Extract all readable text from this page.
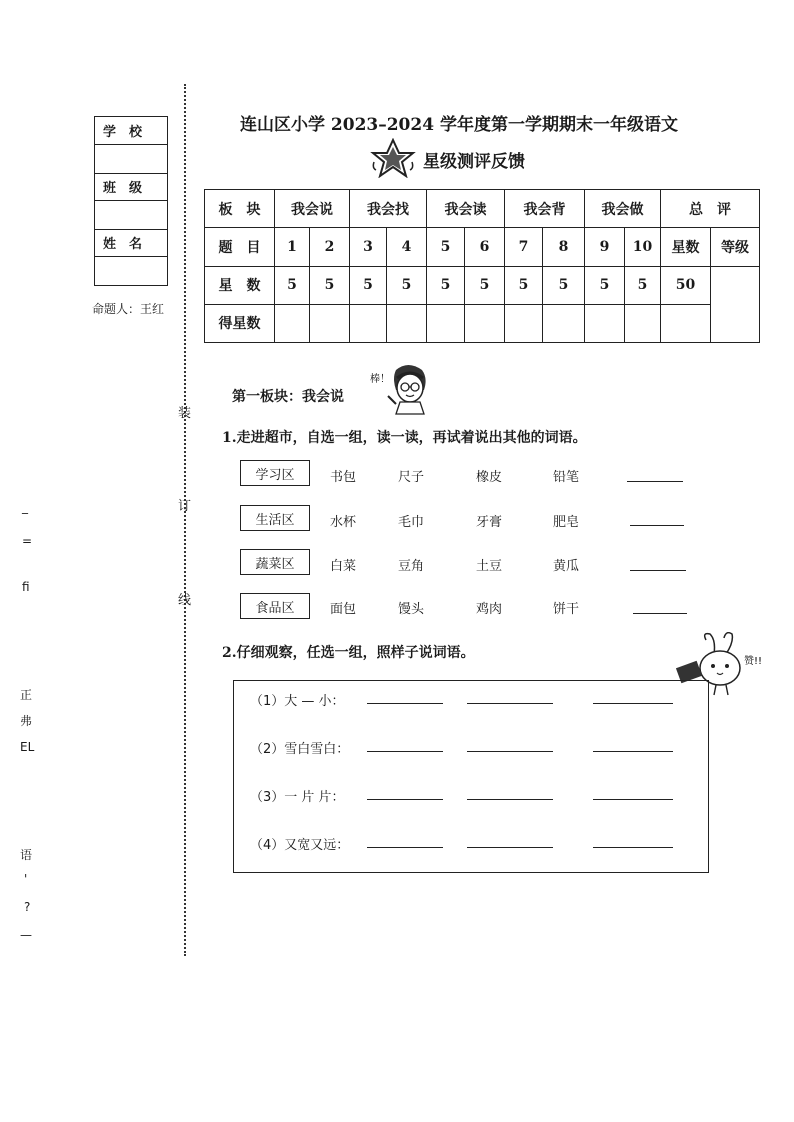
学　校
班　级
姓　名
命题人：王红
装
订
线
_
=
fi
正
弗
EL
语
'
?
—
连山区小学 2023–2024 学年度第一学期期末一年级语文
星级测评反馈
板　块	我会说		我会找		我会读		我会背		我会做		总　评	
题　目	1	2	3	4	5	6	7	8	9	10	星数	等级
星　数	5	5	5	5	5	5	5	5	5	5	50	
得星数												
第一板块：我会说
棒！
1.走进超市，自选一组，读一读，再试着说出其他的词语。
学习区	书包	尺子	橡皮	铅笔
生活区	水杯	毛巾	牙膏	肥皂
蔬菜区	白菜	豆角	土豆	黄瓜
食品区	面包	馒头	鸡肉	饼干
2.仔细观察，任选一组，照样子说词语。
赞!!
（1）大 — 小：
（2）雪白雪白：
（3）一 片 片：
（4）又宽又远：
